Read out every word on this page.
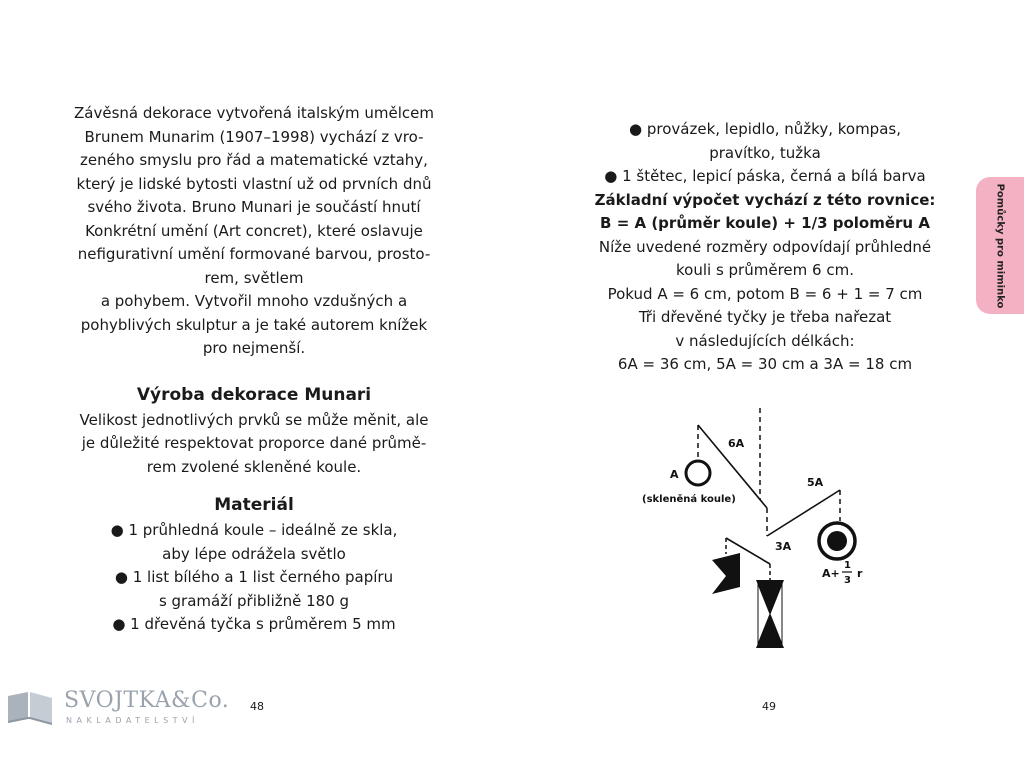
Závěsná dekorace vytvořená italským umělcem
Brunem Munarim (1907–1998) vychází z vro-
zeného smyslu pro řád a matematické vztahy,
který je lidské bytosti vlastní už od prvních dnů
svého života. Bruno Munari je součástí hnutí
Konkrétní umění (Art concret), které oslavuje
nefigurativní umění formované barvou, prosto-
rem, světlem
a pohybem. Vytvořil mnoho vzdušných a
pohyblivých skulptur a je také autorem knížek
pro nejmenší.
Výroba dekorace Munari
Velikost jednotlivých prvků se může měnit, ale
je důležité respektovat proporce dané průmě-
rem zvolené skleněné koule.
Materiál
● 1 průhledná koule – ideálně ze skla,
aby lépe odrážela světlo
● 1 list bílého a 1 list černého papíru
s gramáží přibližně 180 g
● 1 dřevěná tyčka s průměrem 5 mm
48
● provázek, lepidlo, nůžky, kompas,
pravítko, tužka
● 1 štětec, lepicí páska, černá a bílá barva
Základní výpočet vychází z této rovnice:
B = A (průměr koule) + 1/3 poloměru A
Níže uvedené rozměry odpovídají průhledné
kouli s průměrem 6 cm.
Pokud A = 6 cm, potom B = 6 + 1 = 7 cm
Tři dřevěné tyčky je třeba nařezat
v následujících délkách:
6A = 36 cm, 5A = 30 cm a 3A = 18 cm
6A
A
(skleněná koule)
5A
A+
1
3
r
3A
49
Pomůcky pro miminko
SVOJTKA&Co.
NAKLADATELSTVÍ
